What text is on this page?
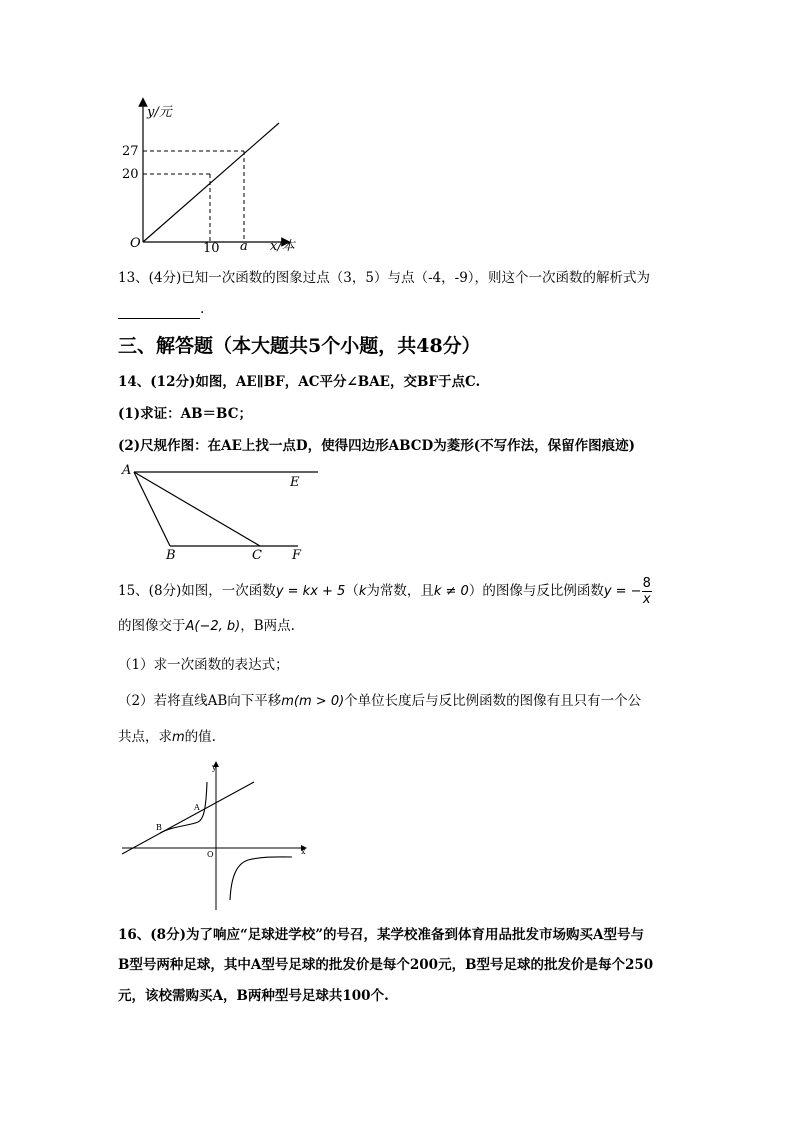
y/元
27
20
O	10 a x/本
13、(4分)已知一次函数的图象过点（3，5）与点（-4，-9），则这个一次函数的解析式为
.
三、解答题（本大题共5个小题，共48分）
14、(12分)如图，AE∥BF，AC平分∠BAE，交BF于点C.
(1)求证：AB＝BC；
(2)尺规作图：在AE上找一点D，使得四边形ABCD为菱形(不写作法，保留作图痕迹)
A
E
B	C F
15、(8分)如图，一次函数y = kx + 5（k为常数，且k ≠ 0）的图像与反比例函数y = − $\frac{8}{x}$
的图像交于A(−2, b)，B两点.
（1）求一次函数的表达式；
（2）若将直线AB向下平移m(m > 0)个单位长度后与反比例函数的图像有且只有一个公
共点，求m的值.
y
x
A
B
O
16、(8分)为了响应“足球进学校”的号召，某学校准备到体育用品批发市场购买A型号与
B型号两种足球，其中A型号足球的批发价是每个200元，B型号足球的批发价是每个250
元，该校需购买A，B两种型号足球共100个.
